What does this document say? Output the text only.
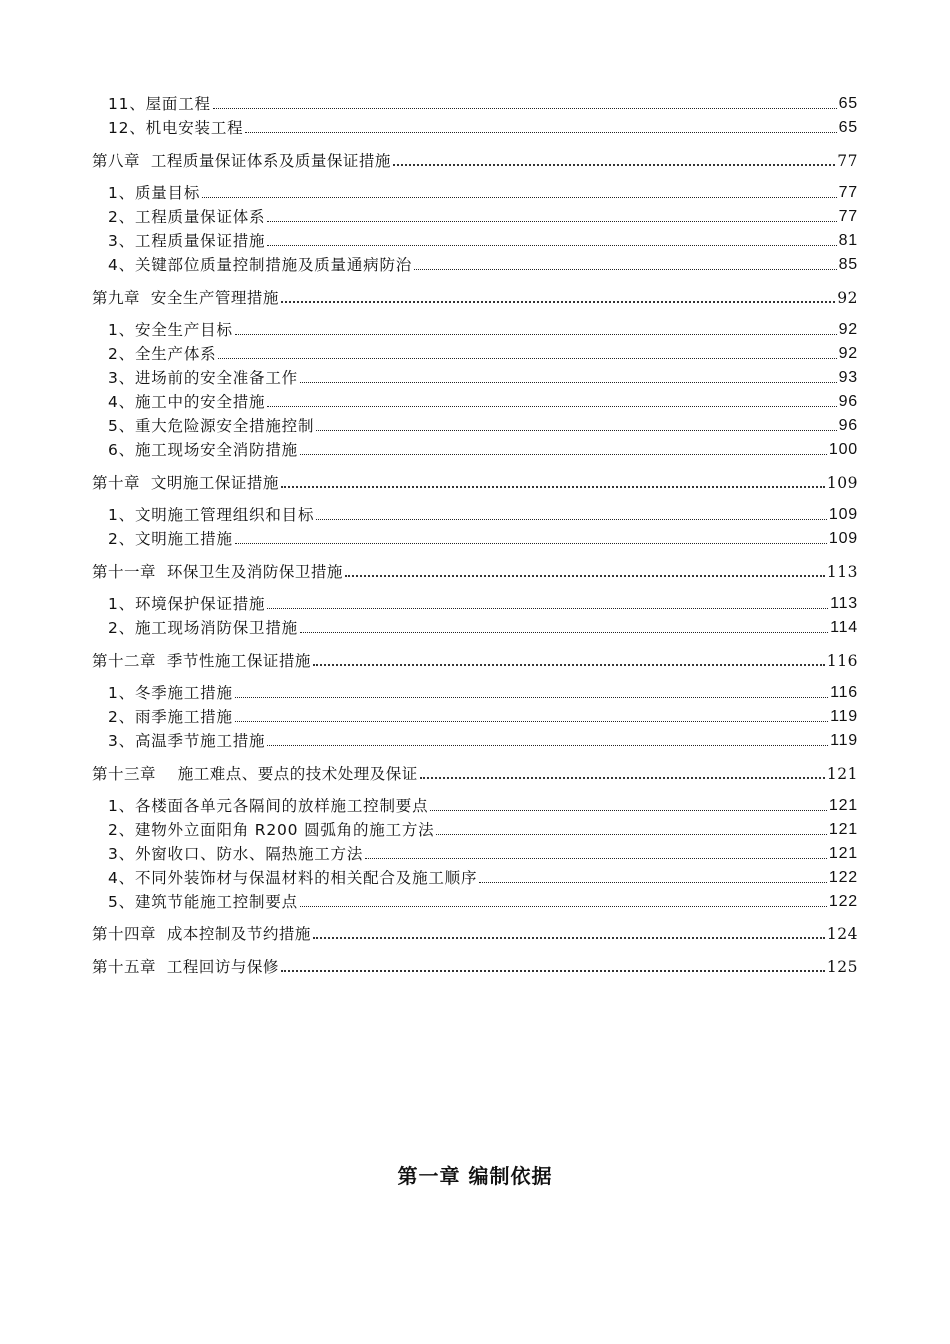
11、屋面工程	65
12、机电安装工程	65
第八章  工程质量保证体系及质量保证措施	77
1、质量目标	77
2、工程质量保证体系	77
3、工程质量保证措施	81
4、关键部位质量控制措施及质量通病防治	85
第九章  安全生产管理措施	92
1、安全生产目标	92
2、全生产体系	92
3、进场前的安全准备工作	93
4、施工中的安全措施	96
5、重大危险源安全措施控制	96
6、施工现场安全消防措施	100
第十章  文明施工保证措施	109
1、文明施工管理组织和目标	109
2、文明施工措施	109
第十一章  环保卫生及消防保卫措施	113
1、环境保护保证措施	113
2、施工现场消防保卫措施	114
第十二章  季节性施工保证措施	116
1、冬季施工措施	116
2、雨季施工措施	119
3、高温季节施工措施	119
第十三章    施工难点、要点的技术处理及保证	121
1、各楼面各单元各隔间的放样施工控制要点	121
2、建物外立面阳角 R200 圆弧角的施工方法	121
3、外窗收口、防水、隔热施工方法	121
4、不同外装饰材与保温材料的相关配合及施工顺序	122
5、建筑节能施工控制要点	122
第十四章  成本控制及节约措施	124
第十五章  工程回访与保修	125
第一章 编制依据
